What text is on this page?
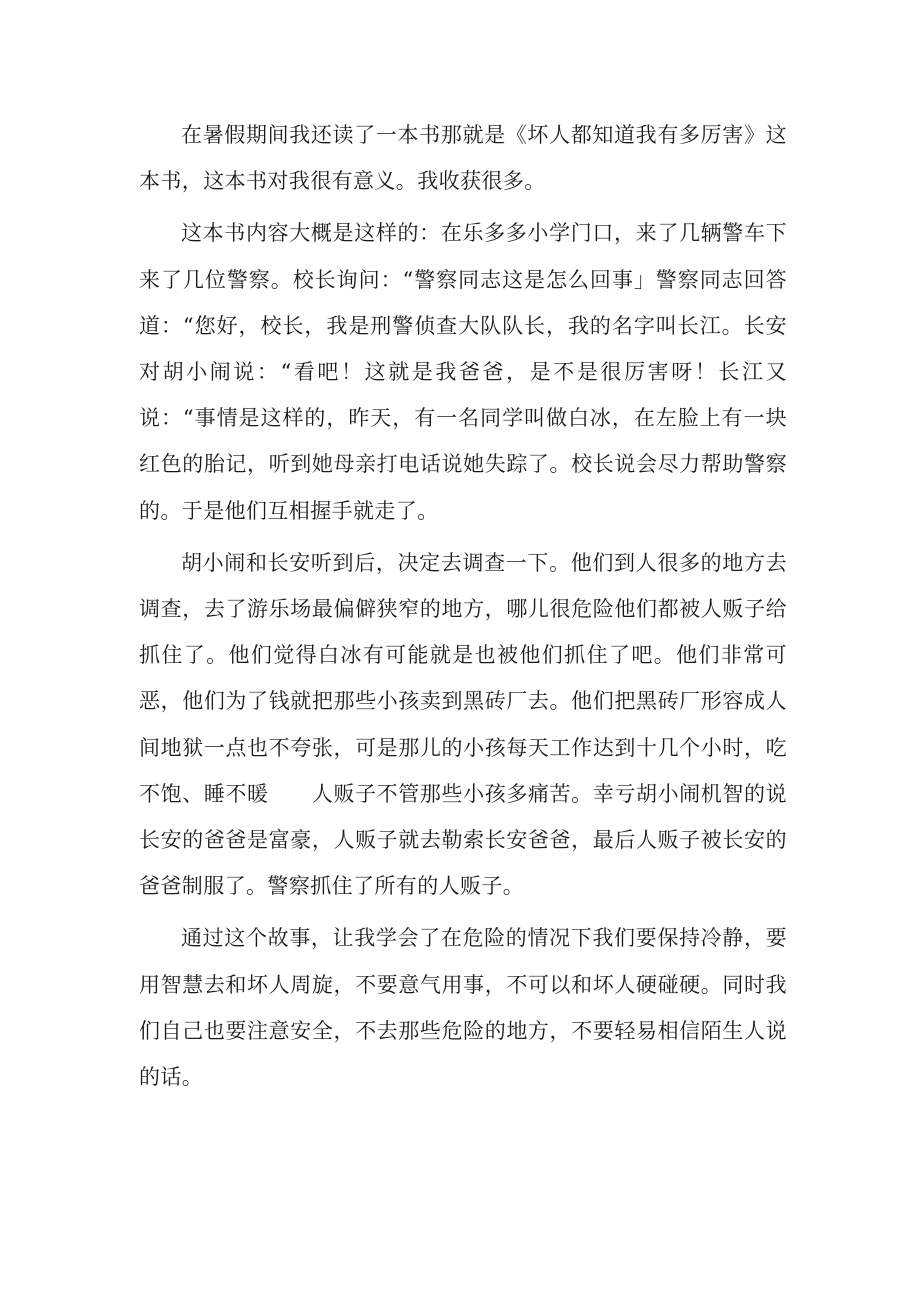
在暑假期间我还读了一本书那就是《坏人都知道我有多厉害》这本书，这本书对我很有意义。我收获很多。

这本书内容大概是这样的：在乐多多小学门口，来了几辆警车下来了几位警察。校长询问：“警察同志这是怎么回事」警察同志回答道：“您好，校长，我是刑警侦查大队队长，我的名字叫长江。长安对胡小闹说：“看吧！这就是我爸爸，是不是很厉害呀！长江又说：“事情是这样的，昨天，有一名同学叫做白冰，在左脸上有一块红色的胎记，听到她母亲打电话说她失踪了。校长说会尽力帮助警察的。于是他们互相握手就走了。

胡小闹和长安听到后，决定去调查一下。他们到人很多的地方去调查，去了游乐场最偏僻狭窄的地方，哪儿很危险他们都被人贩子给抓住了。他们觉得白冰有可能就是也被他们抓住了吧。他们非常可恶，他们为了钱就把那些小孩卖到黑砖厂去。他们把黑砖厂形容成人间地狱一点也不夸张，可是那儿的小孩每天工作达到十几个小时，吃不饱、睡不暖　　人贩子不管那些小孩多痛苦。幸亏胡小闹机智的说长安的爸爸是富豪，人贩子就去勒索长安爸爸，最后人贩子被长安的爸爸制服了。警察抓住了所有的人贩子。

通过这个故事，让我学会了在危险的情况下我们要保持冷静，要用智慧去和坏人周旋，不要意气用事，不可以和坏人硬碰硬。同时我们自己也要注意安全，不去那些危险的地方，不要轻易相信陌生人说的话。
